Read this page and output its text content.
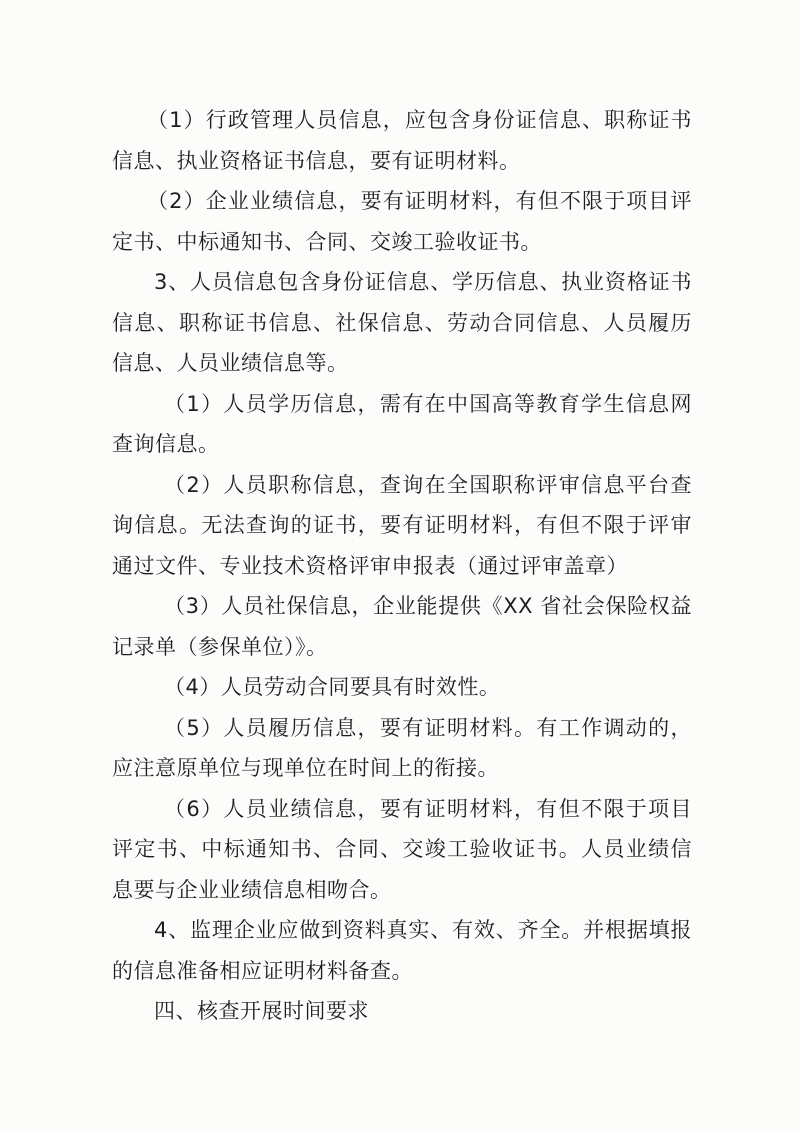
（1）行政管理人员信息，应包含身份证信息、职称证书信息、执业资格证书信息，要有证明材料。

（2）企业业绩信息，要有证明材料，有但不限于项目评定书、中标通知书、合同、交竣工验收证书。

3、人员信息包含身份证信息、学历信息、执业资格证书信息、职称证书信息、社保信息、劳动合同信息、人员履历信息、人员业绩信息等。

（1）人员学历信息，需有在中国高等教育学生信息网查询信息。

（2）人员职称信息，查询在全国职称评审信息平台查询信息。无法查询的证书，要有证明材料，有但不限于评审通过文件、专业技术资格评审申报表（通过评审盖章）

（3）人员社保信息，企业能提供《XX 省社会保险权益记录单（参保单位）》。

（4）人员劳动合同要具有时效性。

（5）人员履历信息，要有证明材料。有工作调动的，应注意原单位与现单位在时间上的衔接。

（6）人员业绩信息，要有证明材料，有但不限于项目评定书、中标通知书、合同、交竣工验收证书。人员业绩信息要与企业业绩信息相吻合。

4、监理企业应做到资料真实、有效、齐全。并根据填报的信息准备相应证明材料备查。

四、核查开展时间要求
